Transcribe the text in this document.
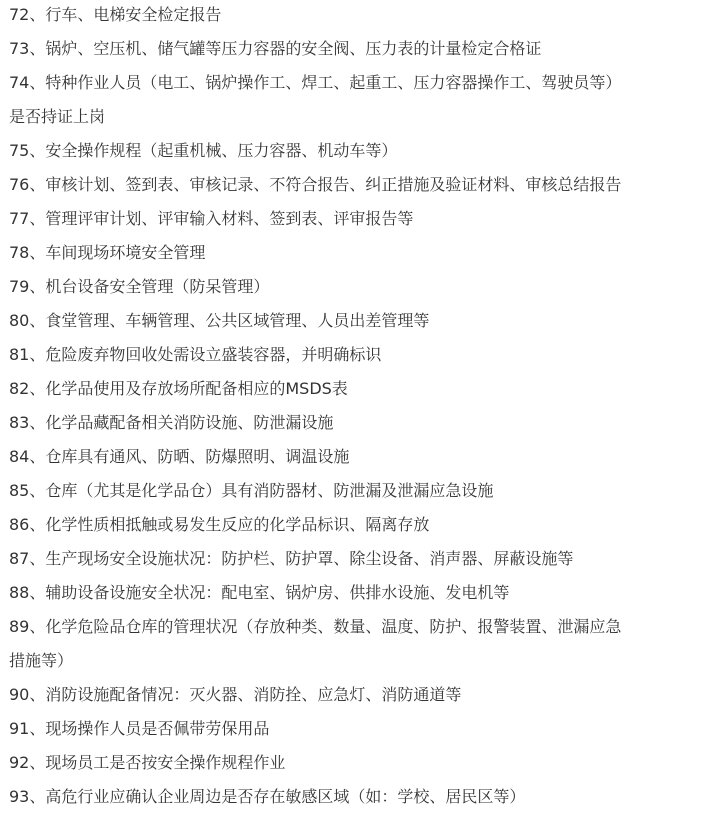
72、行车、电梯安全检定报告
73、锅炉、空压机、储气罐等压力容器的安全阀、压力表的计量检定合格证
74、特种作业人员（电工、锅炉操作工、焊工、起重工、压力容器操作工、驾驶员等）
是否持证上岗
75、安全操作规程（起重机械、压力容器、机动车等）
76、审核计划、签到表、审核记录、不符合报告、纠正措施及验证材料、审核总结报告
77、管理评审计划、评审输入材料、签到表、评审报告等
78、车间现场环境安全管理
79、机台设备安全管理（防呆管理）
80、食堂管理、车辆管理、公共区域管理、人员出差管理等
81、危险废弃物回收处需设立盛装容器，并明确标识
82、化学品使用及存放场所配备相应的MSDS表
83、化学品藏配备相关消防设施、防泄漏设施
84、仓库具有通风、防晒、防爆照明、调温设施
85、仓库（尤其是化学品仓）具有消防器材、防泄漏及泄漏应急设施
86、化学性质相抵触或易发生反应的化学品标识、隔离存放
87、生产现场安全设施状况：防护栏、防护罩、除尘设备、消声器、屏蔽设施等
88、辅助设备设施安全状况：配电室、锅炉房、供排水设施、发电机等
89、化学危险品仓库的管理状况（存放种类、数量、温度、防护、报警装置、泄漏应急
措施等）
90、消防设施配备情况：灭火器、消防拴、应急灯、消防通道等
91、现场操作人员是否佩带劳保用品
92、现场员工是否按安全操作规程作业
93、高危行业应确认企业周边是否存在敏感区域（如：学校、居民区等）
